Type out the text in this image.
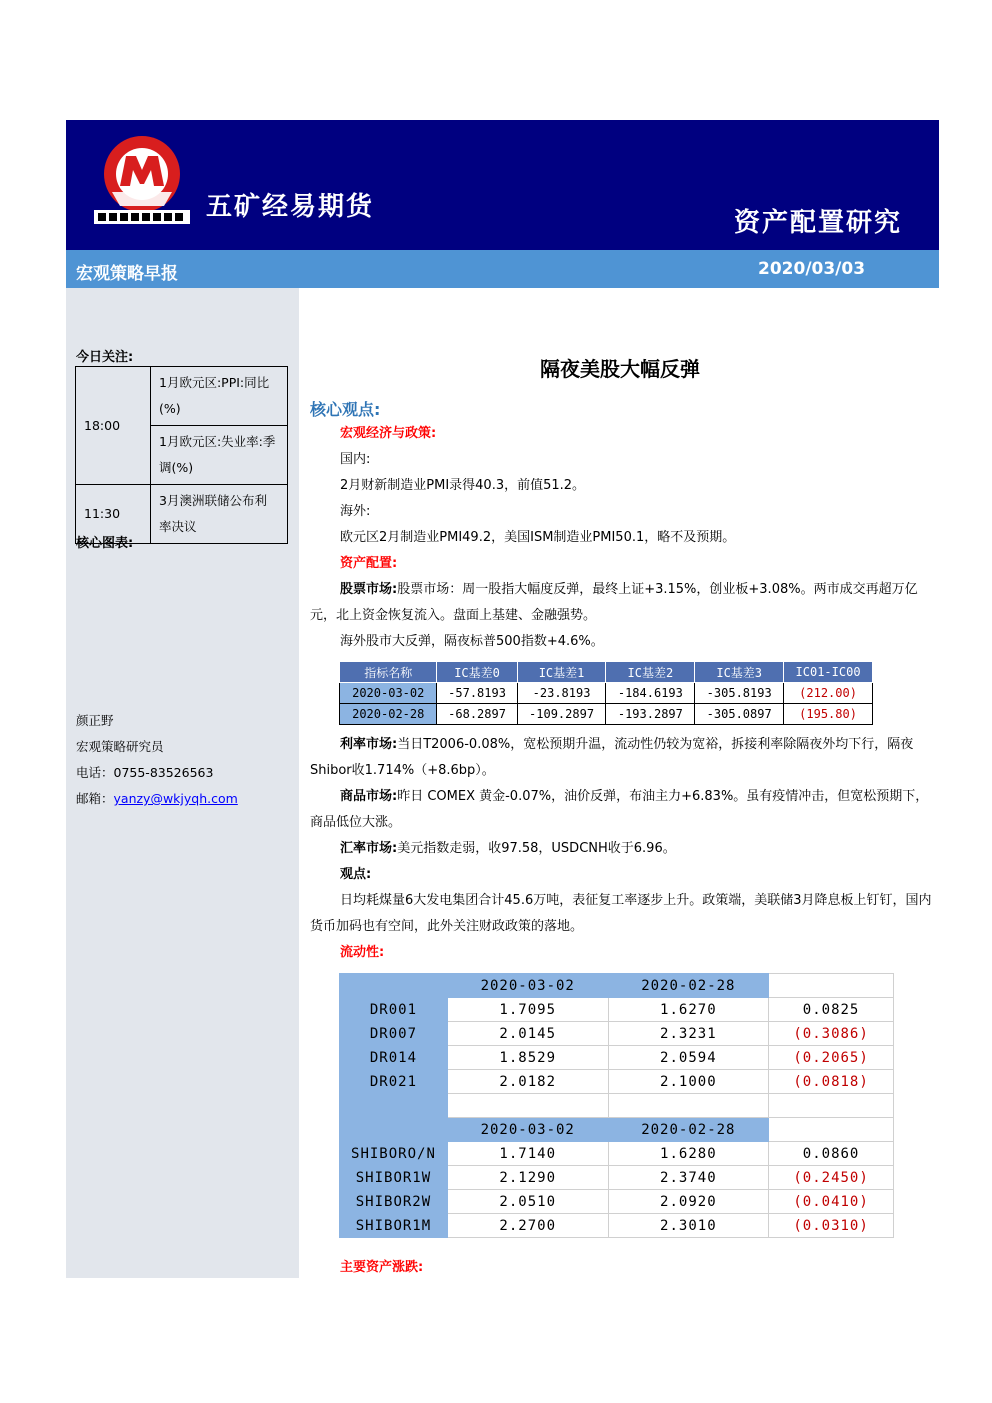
五矿经易期货
资产配置研究
宏观策略早报	2020/03/03
今日关注:
18:00	1月欧元区:PPI:同比(%)
	1月欧元区:失业率:季调(%)
11:30	3月澳洲联储公布利率决议
核心图表:
颜正野
宏观策略研究员
电话：0755-83526563
邮箱：yanzy@wkjyqh.com
隔夜美股大幅反弹
核心观点:

宏观经济与政策:

国内:

2月财新制造业PMI录得40.3，前值51.2。

海外:

欧元区2月制造业PMI49.2，美国ISM制造业PMI50.1，略不及预期。

资产配置:

股票市场:股票市场：周一股指大幅度反弹，最终上证+3.15%，创业板+3.08%。两市成交再超万亿元，北上资金恢复流入。盘面上基建、金融强势。

海外股市大反弹，隔夜标普500指数+4.6%。

指标名称	IC基差0	IC基差1	IC基差2	IC基差3	IC01-IC00
2020-03-02	-57.8193	-23.8193	-184.6193	-305.8193	(212.00)
2020-02-28	-68.2897	-109.2897	-193.2897	-305.0897	(195.80)

利率市场:当日T2006-0.08%，宽松预期升温，流动性仍较为宽裕，拆接利率除隔夜外均下行，隔夜Shibor收1.714%（+8.6bp）。

商品市场:昨日 COMEX 黄金-0.07%，油价反弹，布油主力+6.83%。虽有疫情冲击，但宽松预期下，商品低位大涨。

汇率市场:美元指数走弱，收97.58，USDCNH收于6.96。

观点:

日均耗煤量6大发电集团合计45.6万吨，表征复工率逐步上升。政策端，美联储3月降息板上钉钉，国内货币加码也有空间，此外关注财政政策的落地。

流动性:

	2020-03-02	2020-02-28	
DR001	1.7095	1.6270	0.0825
DR007	2.0145	2.3231	(0.3086)
DR014	1.8529	2.0594	(0.2065)
DR021	2.0182	2.1000	(0.0818)

	2020-03-02	2020-02-28	
SHIBORO/N	1.7140	1.6280	0.0860
SHIBOR1W	2.1290	2.3740	(0.2450)
SHIBOR2W	2.0510	2.0920	(0.0410)
SHIBOR1M	2.2700	2.3010	(0.0310)
主要资产涨跌:
